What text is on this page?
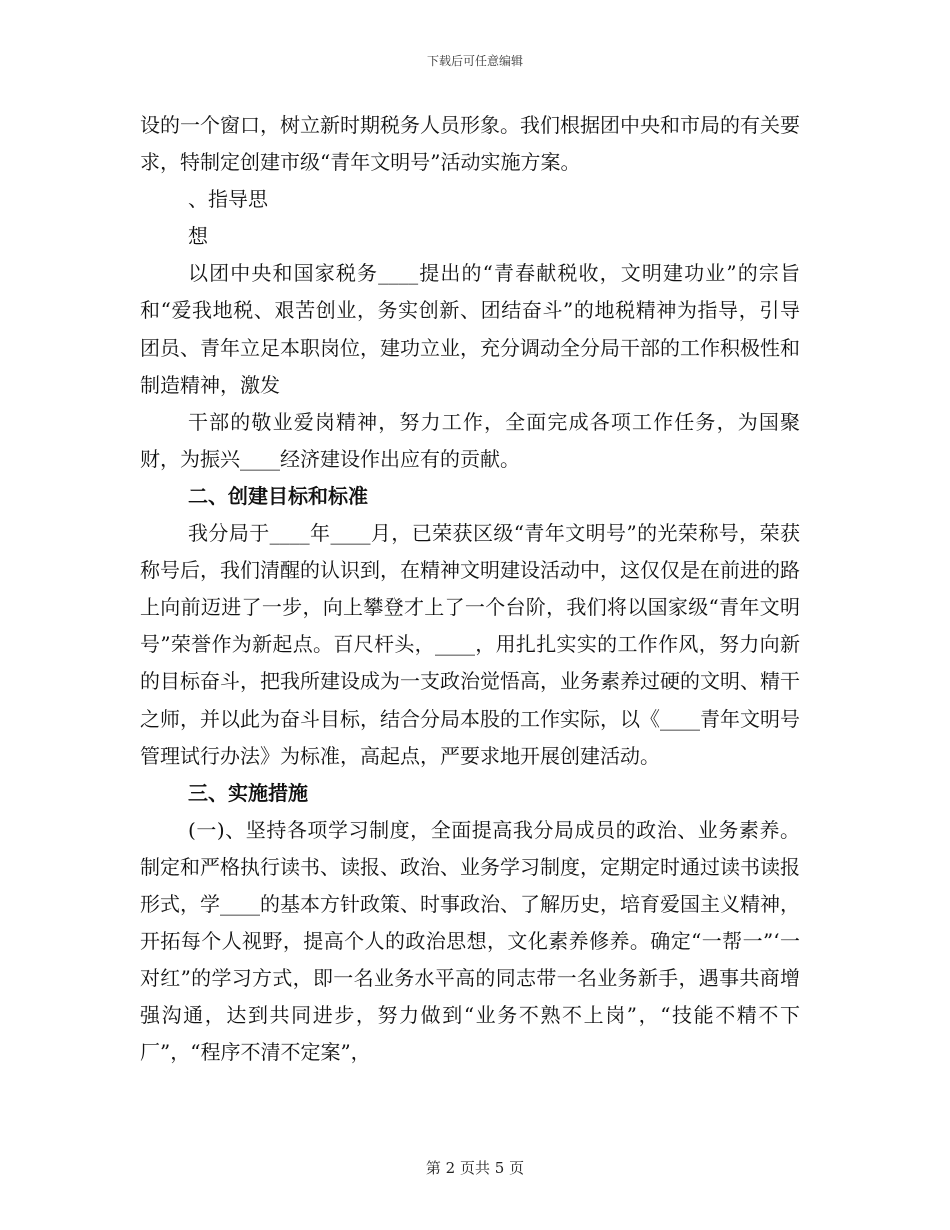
下载后可任意编辑

设的一个窗口，树立新时期税务人员形象。我们根据团中央和市局的有关要求，特制定创建市级“青年文明号”活动实施方案。

、指导思

想

以团中央和国家税务____提出的“青春献税收，文明建功业”的宗旨和“爱我地税、艰苦创业，务实创新、团结奋斗”的地税精神为指导，引导团员、青年立足本职岗位，建功立业，充分调动全分局干部的工作积极性和制造精神，激发

干部的敬业爱岗精神，努力工作，全面完成各项工作任务，为国聚财，为振兴____经济建设作出应有的贡献。

二、创建目标和标准

我分局于____年____月，已荣获区级“青年文明号”的光荣称号，荣获称号后，我们清醒的认识到，在精神文明建设活动中，这仅仅是在前进的路上向前迈进了一步，向上攀登才上了一个台阶，我们将以国家级“青年文明号”荣誉作为新起点。百尺杆头，____，用扎扎实实的工作作风，努力向新的目标奋斗，把我所建设成为一支政治觉悟高，业务素养过硬的文明、精干之师，并以此为奋斗目标，结合分局本股的工作实际，以《____青年文明号管理试行办法》为标准，高起点，严要求地开展创建活动。

三、实施措施

(一)、坚持各项学习制度，全面提高我分局成员的政治、业务素养。制定和严格执行读书、读报、政治、业务学习制度，定期定时通过读书读报形式，学____的基本方针政策、时事政治、了解历史，培育爱国主义精神，开拓每个人视野，提高个人的政治思想，文化素养修养。确定“一帮一”‘一对红”的学习方式，即一名业务水平高的同志带一名业务新手，遇事共商增强沟通，达到共同进步，努力做到“业务不熟不上岗”，“技能不精不下厂”，“程序不清不定案”，

第 2 页共 5 页
